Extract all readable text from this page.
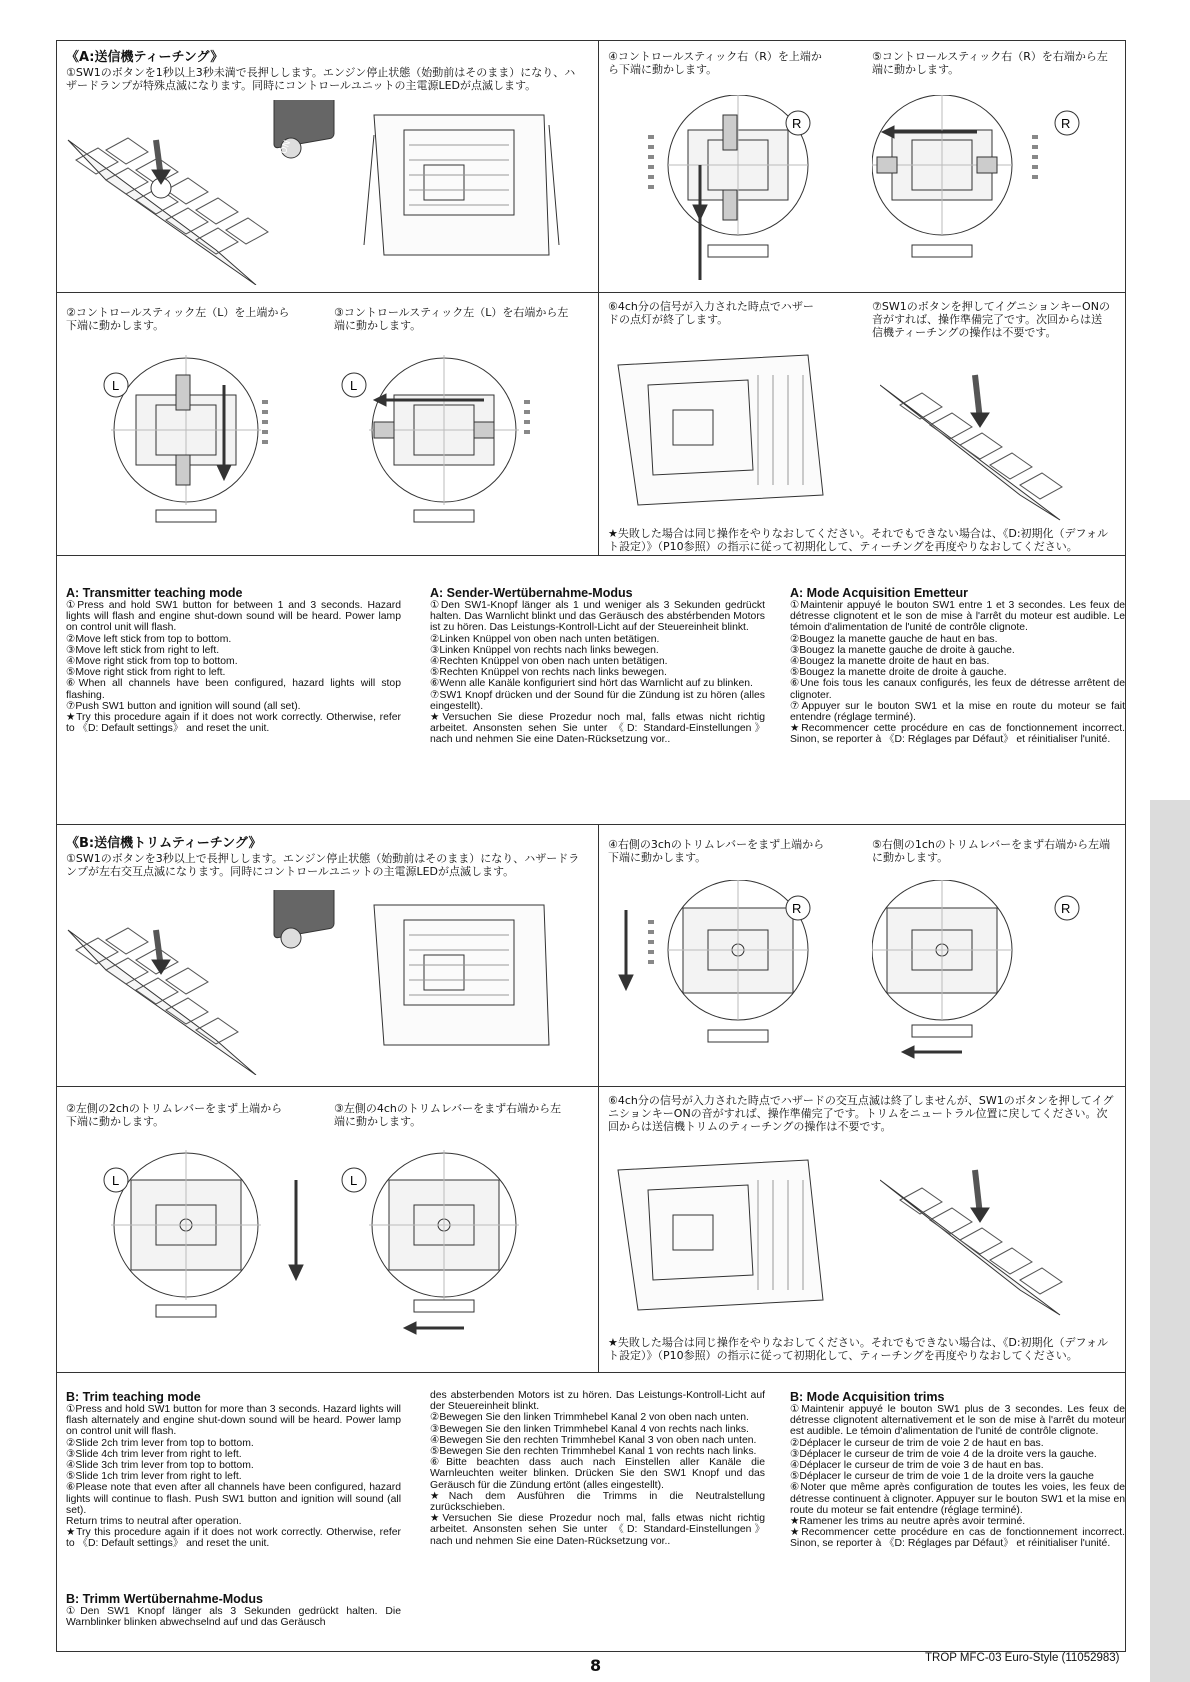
《A:送信機ティーチング》
①SW1のボタンを1秒以上3秒未満で長押しします。エンジン停止状態（始動前はそのまま）になり、ハザードランプが特殊点滅になります。同時にコントロールユニットの主電源LEDが点滅します。
ON
④コントロールスティック右（R）を上端から下端に動かします。
⑤コントロールスティック右（R）を右端から左端に動かします。
R	R
②コントロールスティック左（L）を上端から下端に動かします。
③コントロールスティック左（L）を右端から左端に動かします。
L	L
⑥4ch分の信号が入力された時点でハザードの点灯が終了します。
⑦SW1のボタンを押してイグニションキーONの音がすれば、操作準備完了です。次回からは送信機ティーチングの操作は不要です。
★失敗した場合は同じ操作をやりなおしてください。それでもできない場合は、《D:初期化（デフォルト設定）》（P10参照）の指示に従って初期化して、ティーチングを再度やりなおしてください。
A: Transmitter teaching mode
①Press and hold SW1 button for between 1 and 3 seconds. Hazard lights will flash and engine shut-down sound will be heard. Power lamp on control unit will flash.
②Move left stick from top to bottom.
③Move left stick from right to left.
④Move right stick from top to bottom.
⑤Move right stick from right to left.
⑥When all channels have been configured, hazard lights will stop flashing.
⑦Push SW1 button and ignition will sound (all set).
★Try this procedure again if it does not work correctly. Otherwise, refer to 《D: Default settings》 and reset the unit.
A: Sender-Wertübernahme-Modus
①Den SW1-Knopf länger als 1 und weniger als 3 Sekunden gedrückt halten. Das Warnlicht blinkt und das Geräusch des abstérbenden Motors ist zu hören. Das Leistungs-Kontroll-Licht auf der Steuereinheit blinkt.
②Linken Knüppel von oben nach unten betätigen.
③Linken Knüppel von rechts nach links bewegen.
④Rechten Knüppel von oben nach unten betätigen.
⑤Rechten Knüppel von rechts nach links bewegen.
⑥Wenn alle Kanäle konfiguriert sind hört das Warnlicht auf zu blinken.
⑦SW1 Knopf drücken und der Sound für die Zündung ist zu hören (alles eingestellt).
★Versuchen Sie diese Prozedur noch mal, falls etwas nicht richtig arbeitet. Ansonsten sehen Sie unter 《D: Standard-Einstellungen》 nach und nehmen Sie eine Daten-Rücksetzung vor..
A: Mode Acquisition Emetteur
①Maintenir appuyé le bouton SW1 entre 1 et 3 secondes. Les feux de détresse clignotent et le son de mise à l'arrêt du moteur est audible. Le témoin d'alimentation de l'unité de contrôle clignote.
②Bougez la manette gauche de haut en bas.
③Bougez la manette gauche de droite à gauche.
④Bougez la manette droite de haut en bas.
⑤Bougez la manette droite de droite à gauche.
⑥Une fois tous les canaux configurés, les feux de détresse arrêtent de clignoter.
⑦Appuyer sur le bouton SW1 et la mise en route du moteur se fait entendre (réglage terminé).
★Recommencer cette procédure en cas de fonctionnement incorrect. Sinon, se reporter à 《D: Réglages par Défaut》 et réinitialiser l'unité.
《B:送信機トリムティーチング》
①SW1のボタンを3秒以上で長押しします。エンジン停止状態（始動前はそのまま）になり、ハザードランプが左右交互点滅になります。同時にコントロールユニットの主電源LEDが点滅します。
④右側の3chのトリムレバーをまず上端から下端に動かします。
⑤右側の1chのトリムレバーをまず右端から左端に動かします。
R	R
②左側の2chのトリムレバーをまず上端から下端に動かします。
③左側の4chのトリムレバーをまず右端から左端に動かします。
L	L
⑥4ch分の信号が入力された時点でハザードの交互点滅は終了しませんが、SW1のボタンを押してイグニションキーONの音がすれば、操作準備完了です。トリムをニュートラル位置に戻してください。次回からは送信機トリムのティーチングの操作は不要です。
★失敗した場合は同じ操作をやりなおしてください。それでもできない場合は、《D:初期化（デフォルト設定）》（P10参照）の指示に従って初期化して、ティーチングを再度やりなおしてください。
B: Trim teaching mode
①Press and hold SW1 button for more than 3 seconds. Hazard lights will flash alternately and engine shut-down sound will be heard. Power lamp on control unit will flash.
②Slide 2ch trim lever from top to bottom.
③Slide 4ch trim lever from right to left.
④Slide 3ch trim lever from top to bottom.
⑤Slide 1ch trim lever from right to left.
⑥Please note that even after all channels have been configured, hazard lights will continue to flash. Push SW1 button and ignition will sound (all set).
Return trims to neutral after operation.
★Try this procedure again if it does not work correctly. Otherwise, refer to 《D: Default settings》 and reset the unit.
B: Trimm Wertübernahme-Modus
①Den SW1 Knopf länger als 3 Sekunden gedrückt halten. Die Warnblinker blinken abwechselnd auf und das Geräusch
des absterbenden Motors ist zu hören. Das Leistungs-Kontroll-Licht auf der Steuereinheit blinkt.
②Bewegen Sie den linken Trimmhebel Kanal 2 von oben nach unten.
③Bewegen Sie den linken Trimmhebel Kanal 4 von rechts nach links.
④Bewegen Sie den rechten Trimmhebel Kanal 3 von oben nach unten.
⑤Bewegen Sie den rechten Trimmhebel Kanal 1 von rechts nach links.
⑥Bitte beachten dass auch nach Einstellen aller Kanäle die Warnleuchten weiter blinken. Drücken Sie den SW1 Knopf und das Geräusch für die Zündung ertönt (alles eingestellt).
★Nach dem Ausführen die Trimms in die Neutralstellung zurückschieben.
★Versuchen Sie diese Prozedur noch mal, falls etwas nicht richtig arbeitet. Ansonsten sehen Sie unter 《D: Standard-Einstellungen》 nach und nehmen Sie eine Daten-Rücksetzung vor..
B: Mode Acquisition trims
①Maintenir appuyé le bouton SW1 plus de 3 secondes. Les feux de détresse clignotent alternativement et le son de mise à l'arrêt du moteur est audible. Le témoin d'alimentation de l'unité de contrôle clignote.
②Déplacer le curseur de trim de voie 2 de haut en bas.
③Déplacer le curseur de trim de voie 4 de la droite vers la gauche.
④Déplacer le curseur de trim de voie 3 de haut en bas.
⑤Déplacer le curseur de trim de voie 1 de la droite vers la gauche
⑥Noter que même après configuration de toutes les voies, les feux de détresse continuent à clignoter. Appuyer sur le bouton SW1 et la mise en route du moteur se fait entendre (réglage terminé).
★Ramener les trims au neutre après avoir terminé.
★Recommencer cette procédure en cas de fonctionnement incorrect. Sinon, se reporter à 《D: Réglages par Défaut》 et réinitialiser l'unité.
8	TROP MFC-03 Euro-Style (11052983)
